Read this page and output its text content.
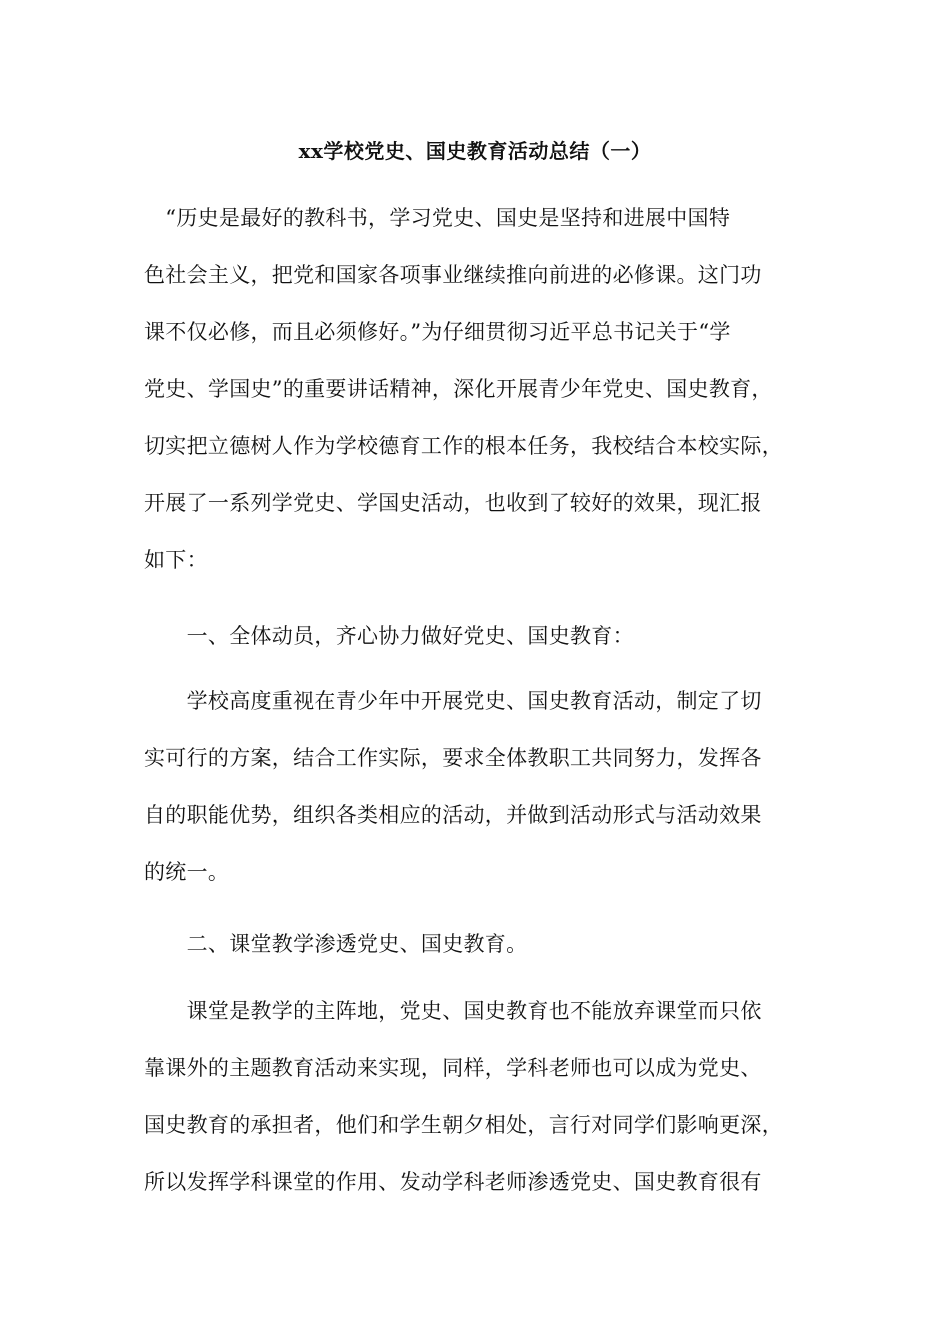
xx学校党史、国史教育活动总结（一）
　“历史是最好的教科书，学习党史、国史是坚持和进展中国特
色社会主义，把党和国家各项事业继续推向前进的必修课。这门功
课不仅必修，而且必须修好。”为仔细贯彻习近平总书记关于“学
党史、学国史”的重要讲话精神，深化开展青少年党史、国史教育，
切实把立德树人作为学校德育工作的根本任务，我校结合本校实际，
开展了一系列学党史、学国史活动，也收到了较好的效果，现汇报
如下：
　　一、全体动员，齐心协力做好党史、国史教育：
　　学校高度重视在青少年中开展党史、国史教育活动，制定了切
实可行的方案，结合工作实际，要求全体教职工共同努力，发挥各
自的职能优势，组织各类相应的活动，并做到活动形式与活动效果
的统一。
　　二、课堂教学渗透党史、国史教育。
　　课堂是教学的主阵地，党史、国史教育也不能放弃课堂而只依
靠课外的主题教育活动来实现，同样，学科老师也可以成为党史、
国史教育的承担者，他们和学生朝夕相处，言行对同学们影响更深，
所以发挥学科课堂的作用、发动学科老师渗透党史、国史教育很有
